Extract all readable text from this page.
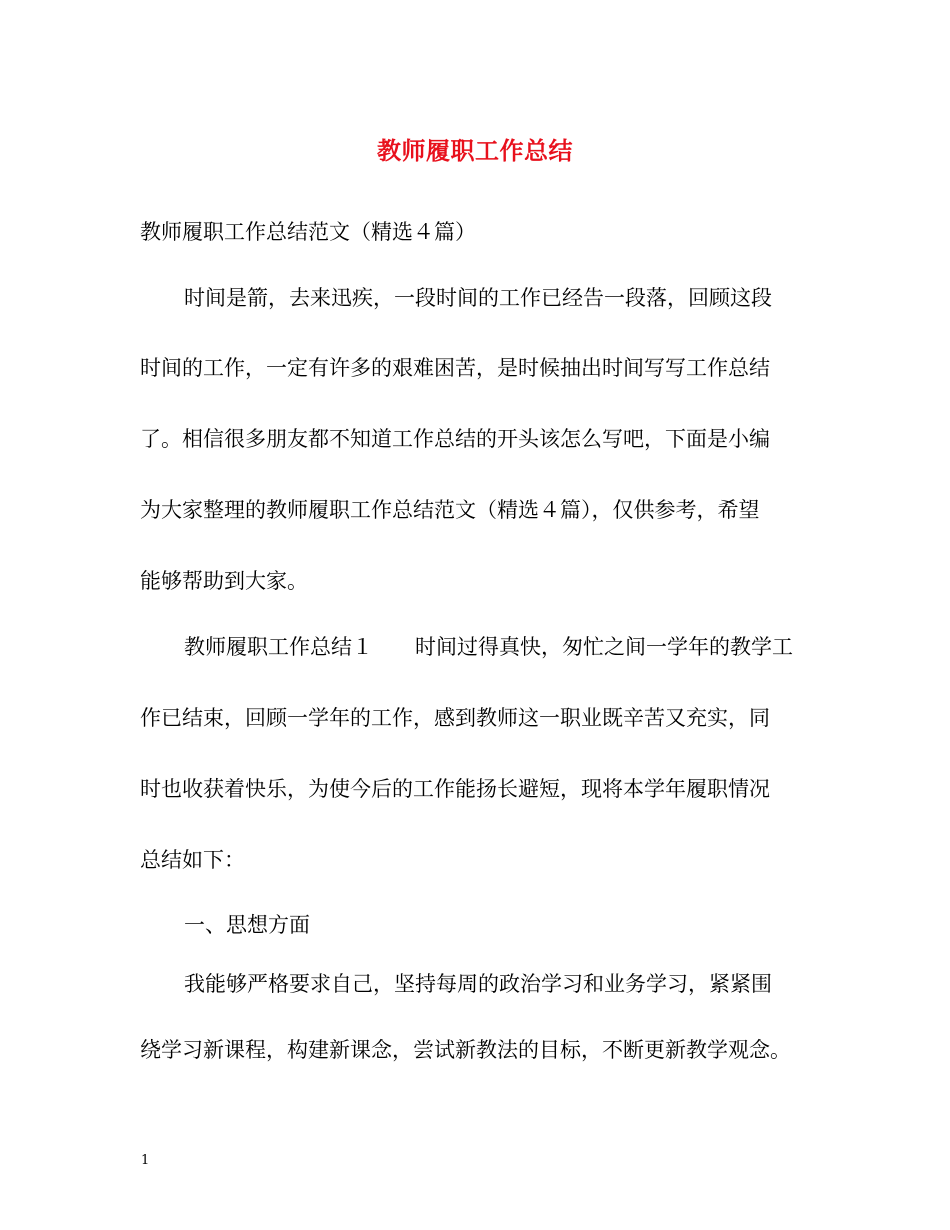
教师履职工作总结
教师履职工作总结范文（精选４篇）
时间是箭，去来迅疾，一段时间的工作已经告一段落，回顾这段
时间的工作，一定有许多的艰难困苦，是时候抽出时间写写工作总结
了。相信很多朋友都不知道工作总结的开头该怎么写吧，下面是小编
为大家整理的教师履职工作总结范文（精选４篇），仅供参考，希望
能够帮助到大家。
教师履职工作总结１　　时间过得真快，匆忙之间一学年的教学工
作已结束，回顾一学年的工作，感到教师这一职业既辛苦又充实，同
时也收获着快乐，为使今后的工作能扬长避短，现将本学年履职情况
总结如下：
一、思想方面
我能够严格要求自己，坚持每周的政治学习和业务学习，紧紧围
绕学习新课程，构建新课念，尝试新教法的目标，不断更新教学观念。
1
